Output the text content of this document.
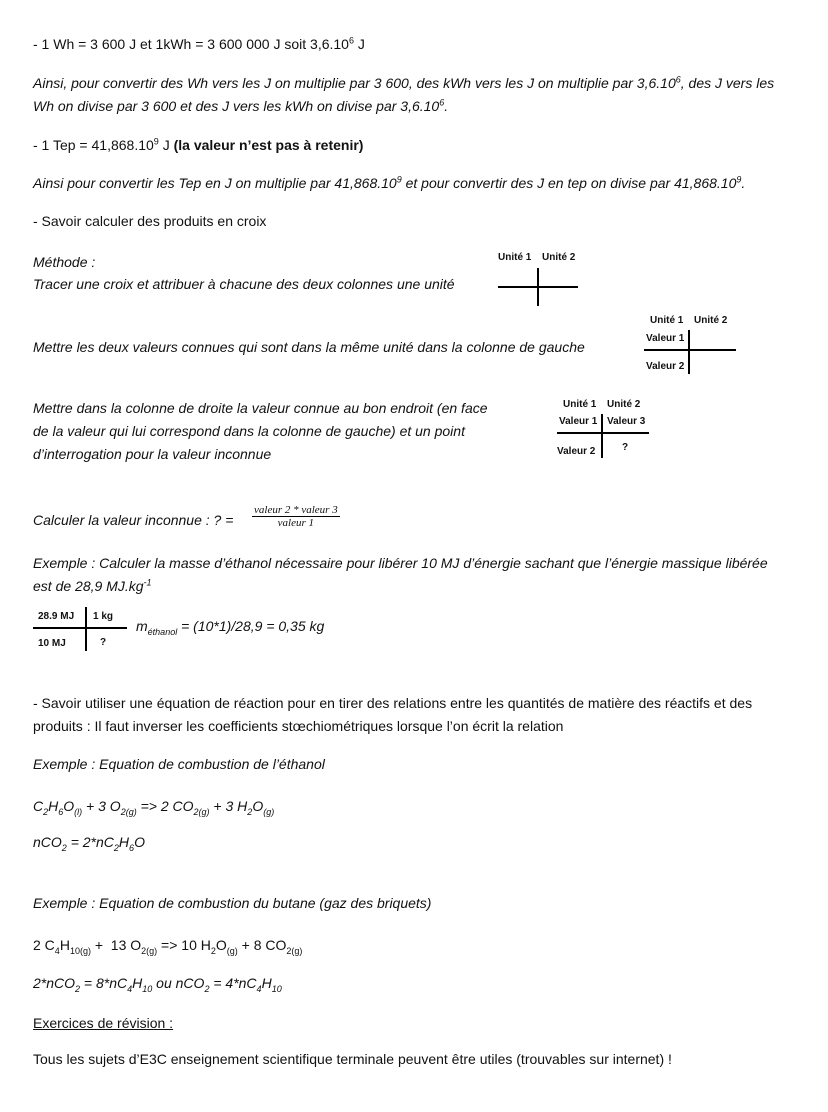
- 1 Wh = 3 600 J et 1kWh = 3 600 000 J soit 3,6.10$^6$ J
Ainsi, pour convertir des Wh vers les J on multiplie par 3 600, des kWh vers les J on multiplie par 3,6.10$^6$, des J vers les
Wh on divise par 3 600 et des J vers les kWh on divise par 3,6.10$^6$.
- 1 Tep = $41,868.10^9$ J (la valeur n’est pas à retenir)
Ainsi pour convertir les Tep en J on multiplie par 41,868.10$^9$ et pour convertir des J en tep on divise par 41,868.10$^9$.
- Savoir calculer des produits en croix
Méthode :
Tracer une croix et attribuer à chacune des deux colonnes une unité
Unité 1 Unité 2
Mettre les deux valeurs connues qui sont dans la même unité dans la colonne de gauche
Unité 1 Unité 2
Valeur 1
Valeur 2
Mettre dans la colonne de droite la valeur connue au bon endroit (en face
de la valeur qui lui correspond dans la colonne de gauche) et un point
d’interrogation pour la valeur inconnue
Unité 1 Unité 2
Valeur 1 Valeur 3
Valeur 2	?
Calculer la valeur inconnue : ? =
valeur 2 * valeur 3
valeur 1
Exemple : Calculer la masse d’éthanol nécessaire pour libérer 10 MJ d’énergie sachant que l’énergie massique libérée
est de 28,9 $MJ.kg^{-1}$
28.9 MJ 1 kg
10 MJ	?
$m_{éthanol} = (10*1)/28,9 = 0,35$ kg
- Savoir utiliser une équation de réaction pour en tirer des relations entre les quantités de matière des réactifs et des
produits : Il faut inverser les coefficients stœchiométriques lorsque l’on écrit la relation
Exemple : Equation de combustion de l’éthanol
$C_2H_6O_{(l)} + 3$ $O_{2(g)} => 2$ $CO_{2(g)} + 3$ $H_2O_{(g)}$
$nCO_2 = 2*nC_2H_6O$
Exemple : Equation de combustion du butane (gaz des briquets)
2 $C_4H_{10(g)} + 13$ $O_{2(g)} => 10$ $H_2O_{(g)} + 8$ $CO_{2(g)}$
$2*nCO_2 = 8*nC_4H_{10}$ ou $nCO_2 = 4*nC_4H_{10}$
Exercices de révision :
Tous les sujets d’E3C enseignement scientifique terminale peuvent être utiles (trouvables sur internet) !
